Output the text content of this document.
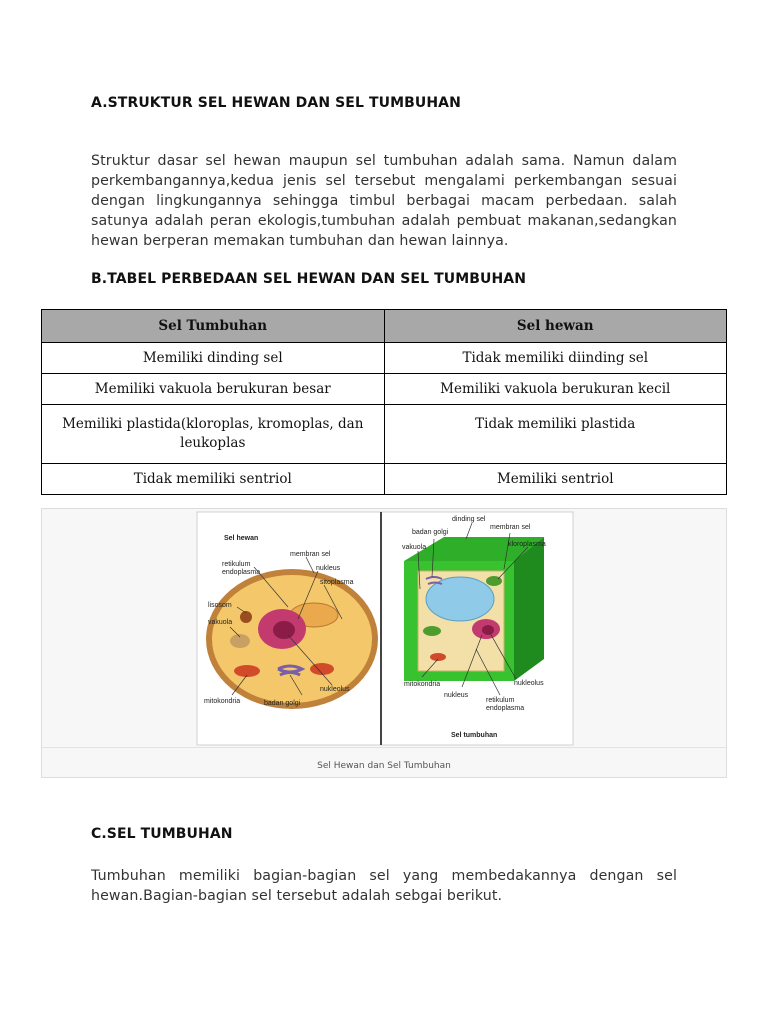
A.STRUKTUR SEL HEWAN DAN SEL TUMBUHAN
Struktur dasar sel hewan maupun sel tumbuhan adalah sama. Namun dalam perkembangannya,kedua jenis sel tersebut mengalami perkembangan sesuai dengan lingkungannya sehingga timbul berbagai macam perbedaan. salah satunya adalah peran ekologis,tumbuhan adalah pembuat makanan,sedangkan hewan berperan memakan tumbuhan dan hewan lainnya.
B.TABEL PERBEDAAN SEL HEWAN DAN SEL TUMBUHAN
Sel Tumbuhan	Sel hewan
Memiliki dinding sel	Tidak memiliki diinding sel
Memiliki vakuola berukuran besar	Memiliki vakuola berukuran kecil
Memiliki plastida(kloroplas, kromoplas, dan leukoplas	Tidak memiliki plastida
Tidak memiliki sentriol	Memiliki sentriol
Sel hewan
membran sel
retikulum
endoplasma
nukleus
sitoplasma
lisosom
vakuola
nukleolus
mitokondria	badan golgi
dinding sel
badan golgi
membran sel
vakuola	kloroplasma
mitokondria
nukleus
nukleolus
retikulum
endoplasma
Sel tumbuhan
Sel Hewan dan Sel Tumbuhan
C.SEL TUMBUHAN
Tumbuhan memiliki bagian-bagian sel yang membedakannya dengan sel hewan.Bagian-bagian sel tersebut adalah sebgai berikut.
